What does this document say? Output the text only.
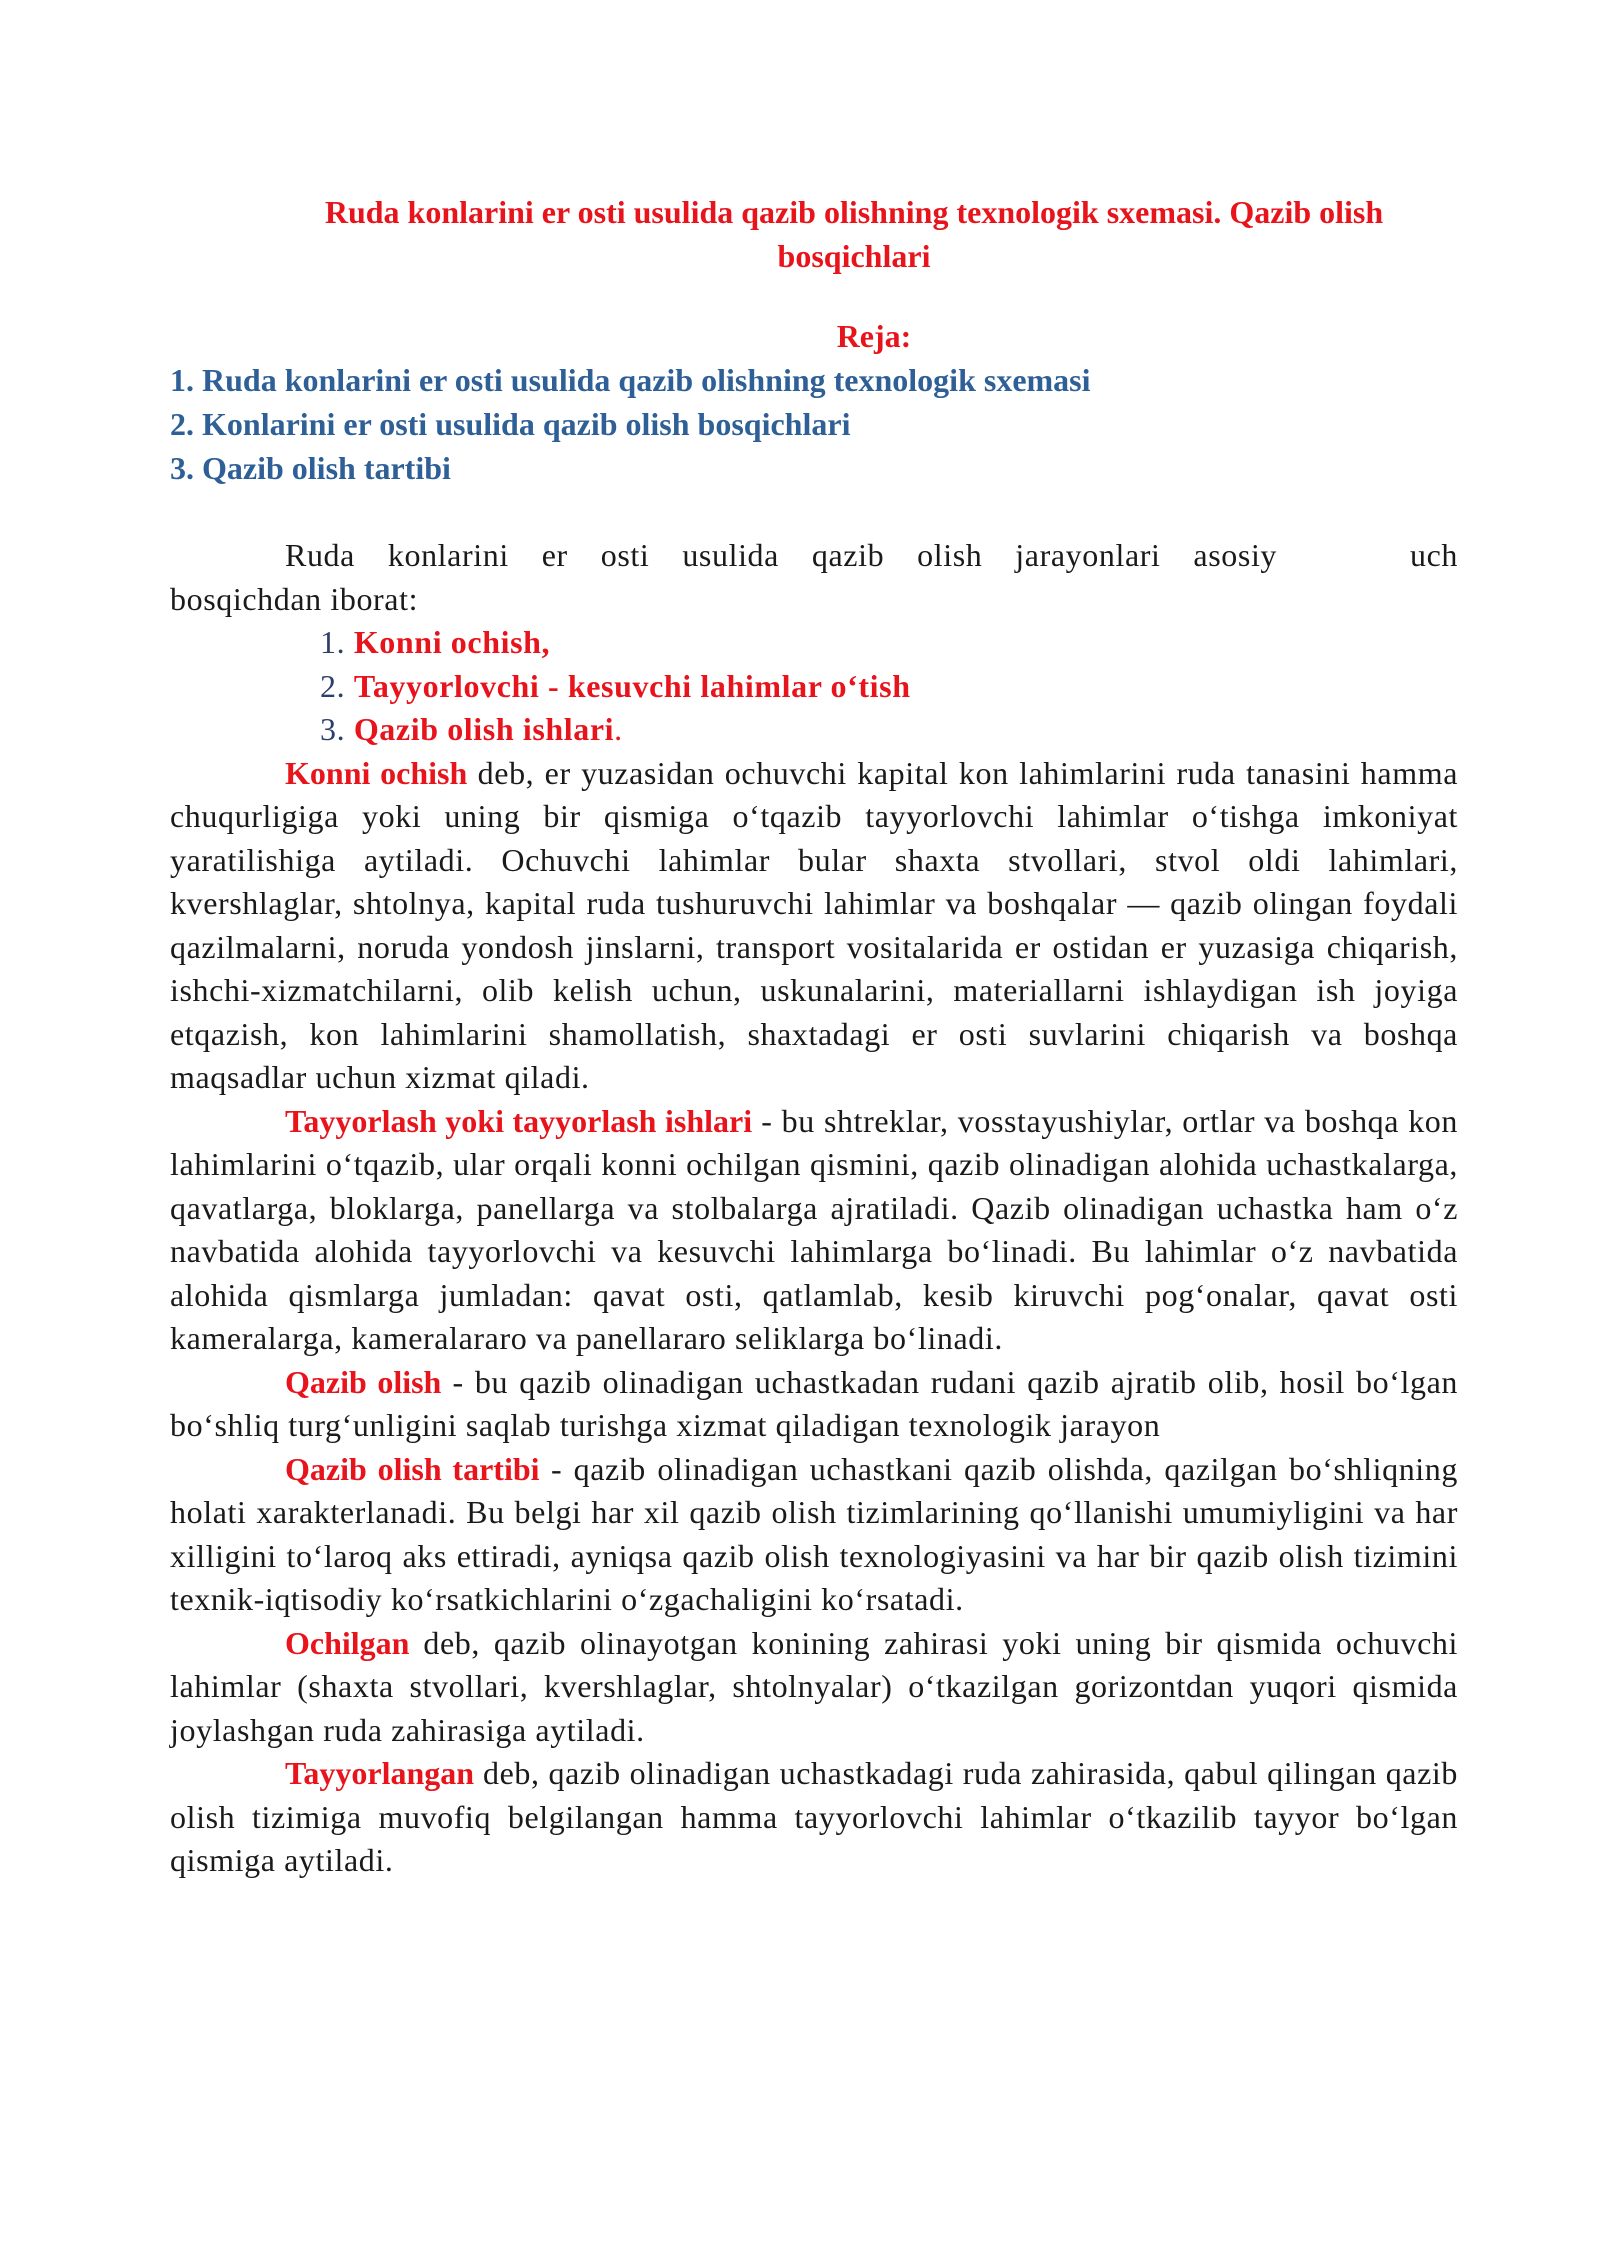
Ruda konlarini er osti usulida qazib olishning texnologik sxemasi. Qazib olish bosqichlari
Reja:
1. Ruda konlarini er osti usulida qazib olishning texnologik sxemasi
2. Konlarini er osti usulida qazib olish bosqichlari
3. Qazib olish tartibi

Ruda konlarini er osti usulida qazib olish jarayonlari asosiy	uch

bosqichdan iborat:

1. Konni ochish,
2. Tayyorlovchi - kesuvchi lahimlar o‘tish
3. Qazib olish ishlari.

Konni ochish deb, er yuzasidan ochuvchi kapital kon lahimlarini ruda tanasini hamma chuqurligiga yoki uning bir qismiga o‘tqazib tayyorlovchi lahimlar o‘tishga imkoniyat yaratilishiga aytiladi. Ochuvchi lahimlar bular shaxta stvollari, stvol oldi lahimlari, kvershlaglar, shtolnya, kapital ruda tushuruvchi lahimlar va boshqalar — qazib olingan foydali qazilmalarni, noruda yondosh jinslarni, transport vositalarida er ostidan er yuzasiga chiqarish, ishchi-xizmatchilarni, olib kelish uchun, uskunalarini, materiallarni ishlaydigan ish joyiga etqazish, kon lahimlarini shamollatish, shaxtadagi er osti suvlarini chiqarish va boshqa maqsadlar uchun xizmat qiladi.

Tayyorlash yoki tayyorlash ishlari - bu shtreklar, vosstayushiylar, ortlar va boshqa kon lahimlarini o‘tqazib, ular orqali konni ochilgan qismini, qazib olinadigan alohida uchastkalarga, qavatlarga, bloklarga, panellarga va stolbalarga ajratiladi. Qazib olinadigan uchastka ham o‘z navbatida alohida tayyorlovchi va kesuvchi lahimlarga bo‘linadi. Bu lahimlar o‘z navbatida alohida qismlarga jumladan: qavat osti, qatlamlab, kesib kiruvchi pog‘onalar, qavat osti kameralarga, kameralararo va panellararo seliklarga bo‘linadi.

Qazib olish - bu qazib olinadigan uchastkadan rudani qazib ajratib olib, hosil bo‘lgan bo‘shliq turg‘unligini saqlab turishga xizmat qiladigan texnologik jarayon

Qazib olish tartibi - qazib olinadigan uchastkani qazib olishda, qazilgan bo‘shliqning holati xarakterlanadi. Bu belgi har xil qazib olish tizimlarining qo‘llanishi umumiyligini va har xilligini to‘laroq aks ettiradi, ayniqsa qazib olish texnologiyasini va har bir qazib olish tizimini texnik-iqtisodiy ko‘rsatkichlarini o‘zgachaligini ko‘rsatadi.

Ochilgan deb, qazib olinayotgan konining zahirasi yoki uning bir qismida ochuvchi lahimlar (shaxta stvollari, kvershlaglar, shtolnyalar) o‘tkazilgan gorizontdan yuqori qismida joylashgan ruda zahirasiga aytiladi.

Tayyorlangan deb, qazib olinadigan uchastkadagi ruda zahirasida, qabul qilingan qazib olish tizimiga muvofiq belgilangan hamma tayyorlovchi lahimlar o‘tkazilib tayyor bo‘lgan qismiga aytiladi.
